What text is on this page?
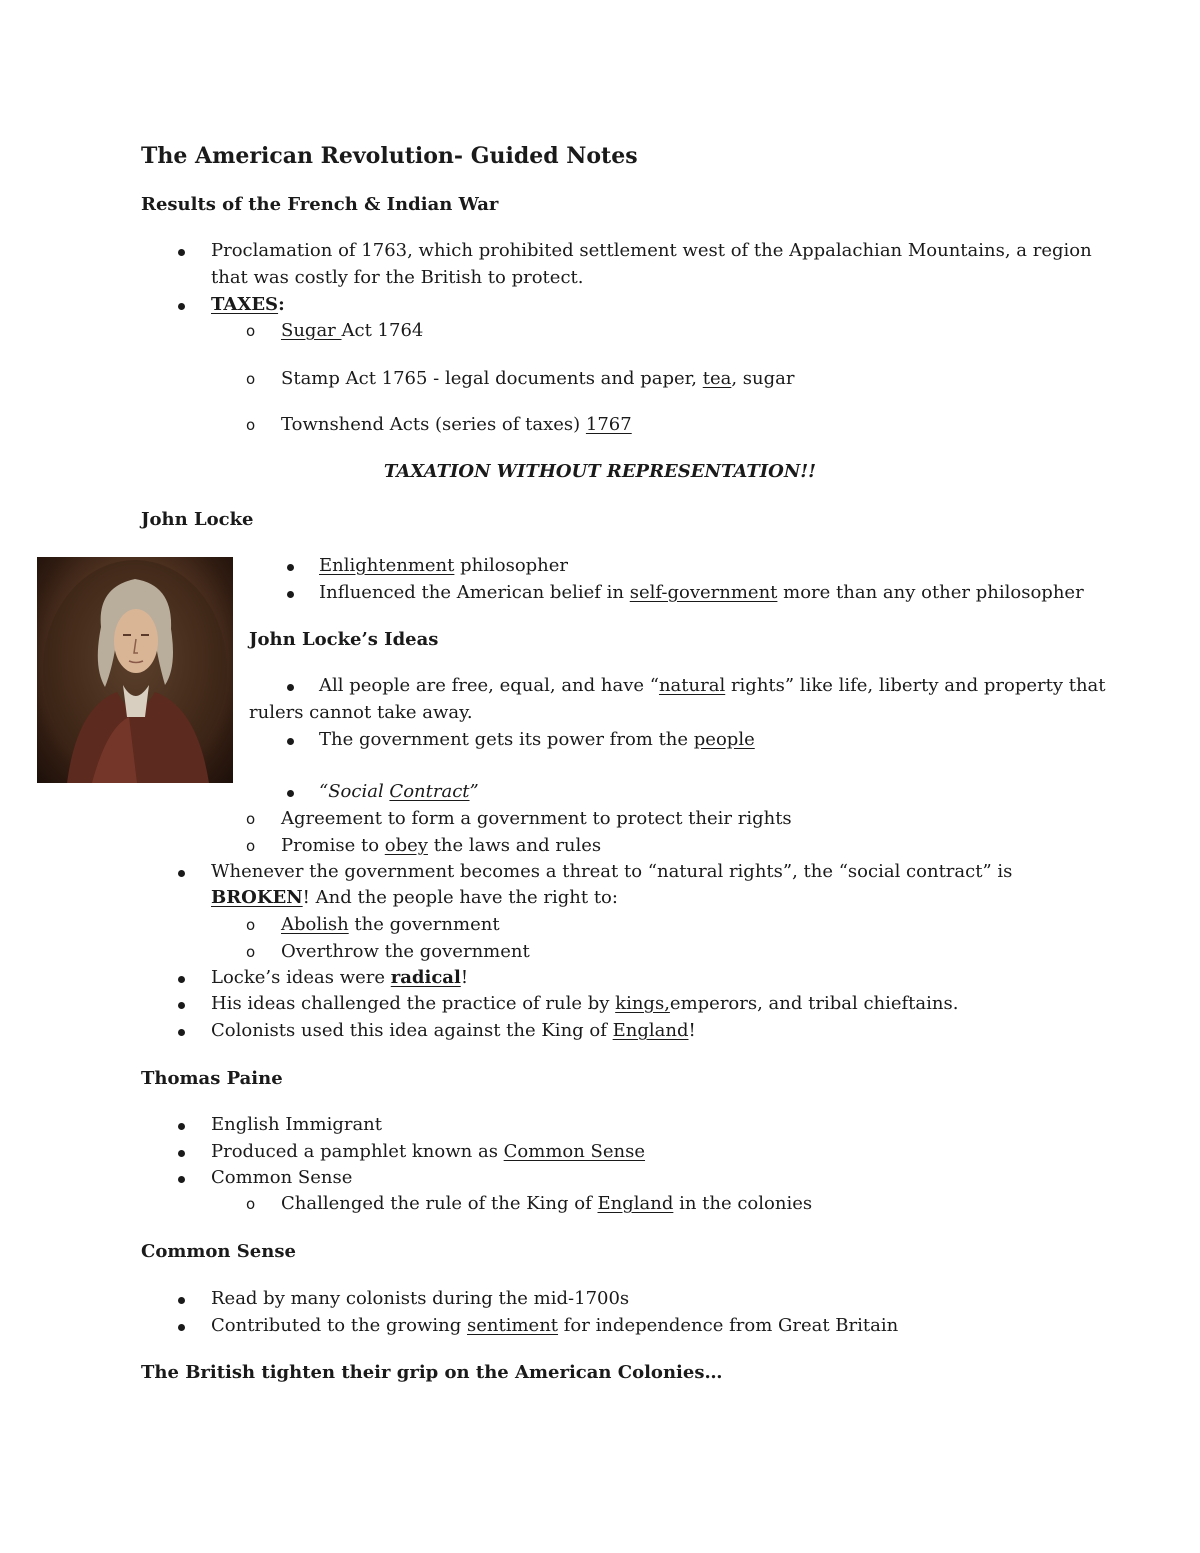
The American Revolution- Guided Notes
Results of the French & Indian War
Proclamation of 1763, which prohibited settlement west of the Appalachian Mountains, a region
that was costly for the British to protect.
TAXES:
o Sugar Act 1764
o Stamp Act 1765 - legal documents and paper, tea, sugar
o Townshend Acts (series of taxes) 1767
TAXATION WITHOUT REPRESENTATION!!
John Locke
Enlightenment philosopher
Influenced the American belief in self-government more than any other philosopher
John Locke’s Ideas
All people are free, equal, and have “natural rights” like life, liberty and property that
rulers cannot take away.
The government gets its power from the people
“Social Contract”
o Agreement to form a government to protect their rights
o Promise to obey the laws and rules
Whenever the government becomes a threat to “natural rights”, the “social contract” is
BROKEN! And the people have the right to:
o Abolish the government
o Overthrow the government
Locke’s ideas were radical!
His ideas challenged the practice of rule by kings,emperors, and tribal chieftains.
Colonists used this idea against the King of England!
Thomas Paine
English Immigrant
Produced a pamphlet known as Common Sense
Common Sense
o Challenged the rule of the King of England in the colonies
Common Sense
Read by many colonists during the mid-1700s
Contributed to the growing sentiment for independence from Great Britain
The British tighten their grip on the American Colonies…
